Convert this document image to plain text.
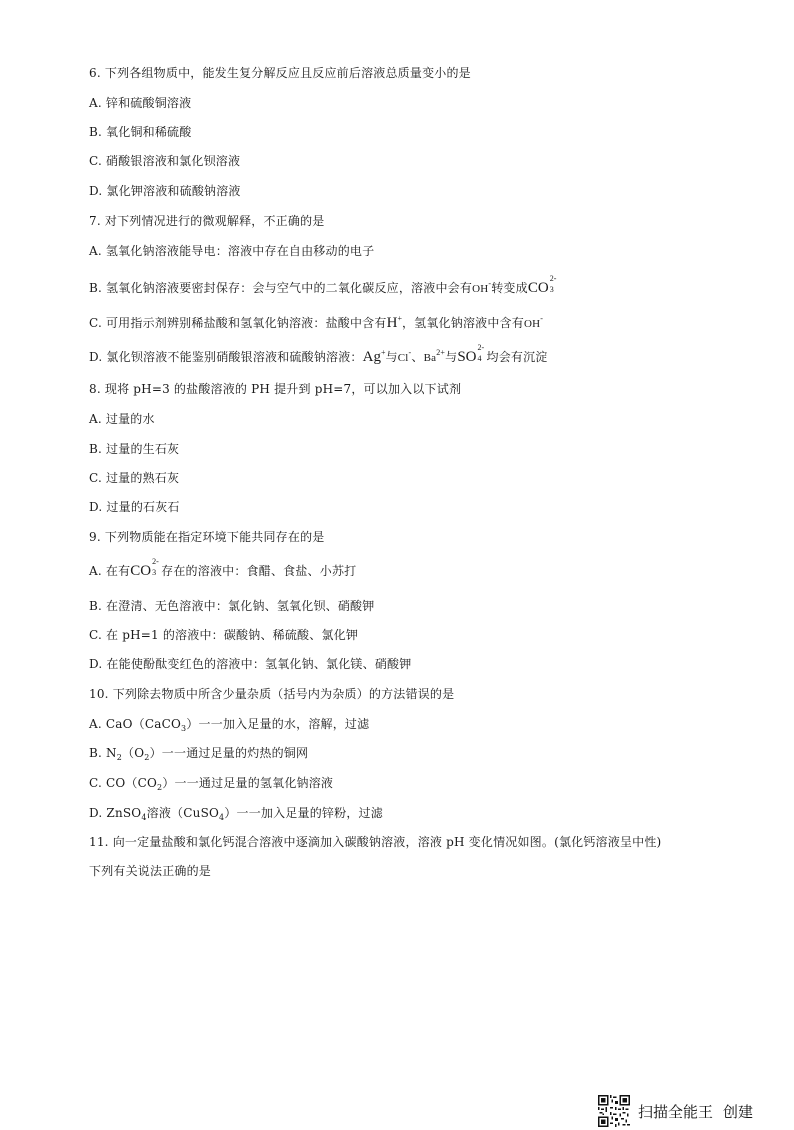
6. 下列各组物质中，能发生复分解反应且反应前后溶液总质量变小的是
A. 锌和硫酸铜溶液
B. 氧化铜和稀硫酸
C. 硝酸银溶液和氯化钡溶液
D. 氯化钾溶液和硫酸钠溶液
7. 对下列情况进行的微观解释，不正确的是
A. 氢氧化钠溶液能导电：溶液中存在自由移动的电子
B. 氢氧化钠溶液要密封保存：会与空气中的二氧化碳反应，溶液中会有OH-转变成CO
2-
3
C. 可用指示剂辨别稀盐酸和氢氧化钠溶液：盐酸中含有H+，氢氧化钠溶液中含有OH-
D. 氯化钡溶液不能鉴别硝酸银溶液和硫酸钠溶液：Ag+与Cl-、$Ba^{2+}$与SO
2-
4 均会有沉淀
8. 现将 pH=3 的盐酸溶液的 PH 提升到 pH=7，可以加入以下试剂
A. 过量的水
B. 过量的生石灰
C. 过量的熟石灰
D. 过量的石灰石
9. 下列物质能在指定环境下能共同存在的是
A. 在有CO
2-
3 存在的溶液中：食醋、食盐、小苏打
B. 在澄清、无色溶液中：氯化钠、氢氧化钡、硝酸钾
C. 在 pH=1 的溶液中：碳酸钠、稀硫酸、氯化钾
D. 在能使酚酞变红色的溶液中：氢氧化钠、氯化镁、硝酸钾
10. 下列除去物质中所含少量杂质（括号内为杂质）的方法错误的是
A. CaO（CaCO$_3$）一一加入足量的水，溶解，过滤
B. $N_2(O_2)$一一通过足量的灼热的铜网
C. $CO(CO_2)$一一通过足量的氢氧化钠溶液
D. ZnSO$_4$溶液（CuSO$_4$）一一加入足量的锌粉，过滤
11. 向一定量盐酸和氯化钙混合溶液中逐滴加入碳酸钠溶液，溶液 pH 变化情况如图。(氯化钙溶液呈中性)
下列有关说法正确的是
扫描全能王 创建
